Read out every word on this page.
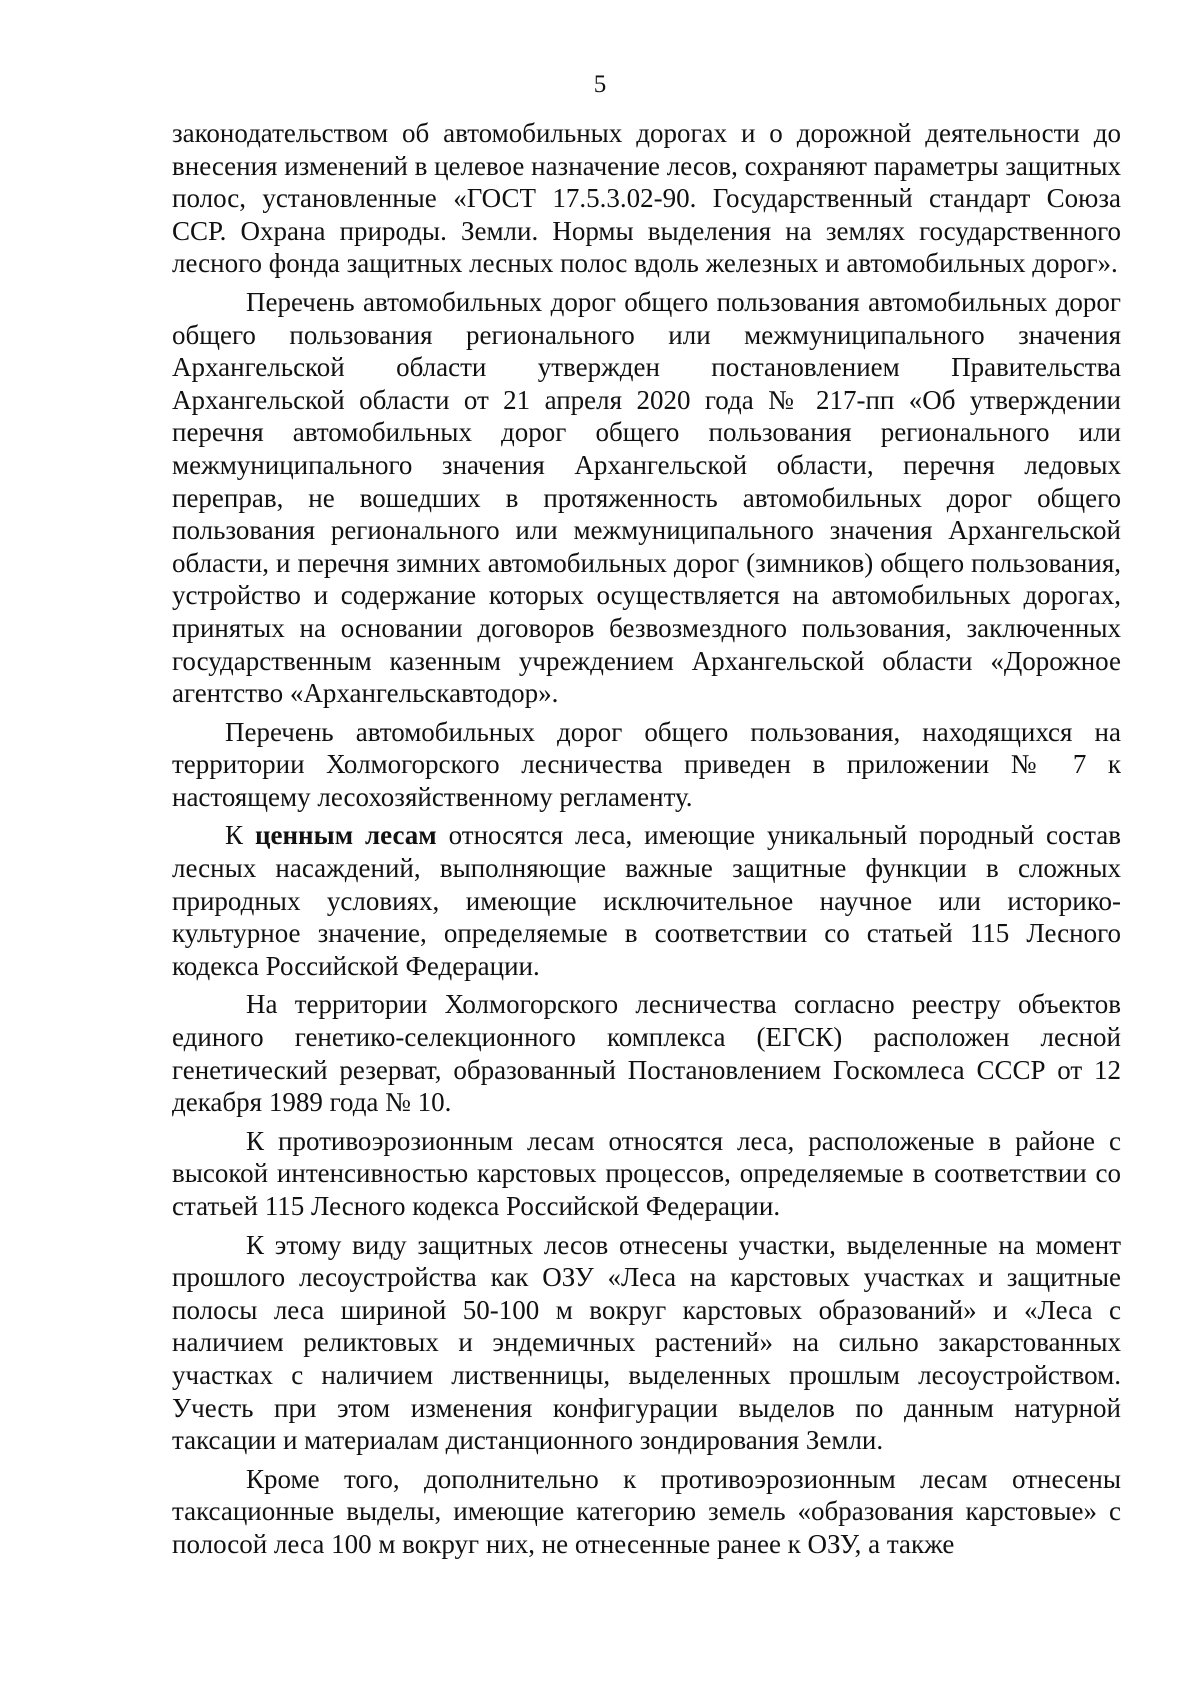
5

законодательством об автомобильных дорогах и о дорожной деятельности до внесения изменений в целевое назначение лесов, сохраняют параметры защитных полос, установленные «ГОСТ 17.5.3.02-90. Государственный стандарт Союза ССР. Охрана природы. Земли. Нормы выделения на землях государственного лесного фонда защитных лесных полос вдоль железных и автомобильных дорог».

Перечень автомобильных дорог общего пользования автомобильных дорог общего пользования регионального или межмуниципального значения Архангельской области утвержден постановлением Правительства Архангельской области от 21 апреля 2020 года № 217-пп «Об утверждении перечня автомобильных дорог общего пользования регионального или межмуниципального значения Архангельской области, перечня ледовых переправ, не вошедших в протяженность автомобильных дорог общего пользования регионального или межмуниципального значения Архангельской области, и перечня зимних автомобильных дорог (зимников) общего пользования, устройство и содержание которых осуществляется на автомобильных дорогах, принятых на основании договоров безвозмездного пользования, заключенных государственным казенным учреждением Архангельской области «Дорожное агентство «Архангельскавтодор».

Перечень автомобильных дорог общего пользования, находящихся на территории Холмогорского лесничества приведен в приложении № 7 к настоящему лесохозяйственному регламенту.

К ценным лесам относятся леса, имеющие уникальный породный состав лесных насаждений, выполняющие важные защитные функции в сложных природных условиях, имеющие исключительное научное или историко-культурное значение, определяемые в соответствии со статьей 115 Лесного кодекса Российской Федерации.

На территории Холмогорского лесничества согласно реестру объектов единого генетико-селекционного комплекса (ЕГСК) расположен лесной генетический резерват, образованный Постановлением Госкомлеса СССР от 12 декабря 1989 года № 10.

К противоэрозионным лесам относятся леса, расположеные в районе с высокой интенсивностью карстовых процессов, определяемые в соответствии со статьей 115 Лесного кодекса Российской Федерации.

К этому виду защитных лесов отнесены участки, выделенные на момент прошлого лесоустройства как ОЗУ «Леса на карстовых участках и защитные полосы леса шириной 50-100 м вокруг карстовых образований» и «Леса с наличием реликтовых и эндемичных растений» на сильно закарстованных участках с наличием лиственницы, выделенных прошлым лесоустройством. Учесть при этом изменения конфигурации выделов по данным натурной таксации и материалам дистанционного зондирования Земли.

Кроме того, дополнительно к противоэрозионным лесам отнесены таксационные выделы, имеющие категорию земель «образования карстовые» с полосой леса 100 м вокруг них, не отнесенные ранее к ОЗУ, а также
